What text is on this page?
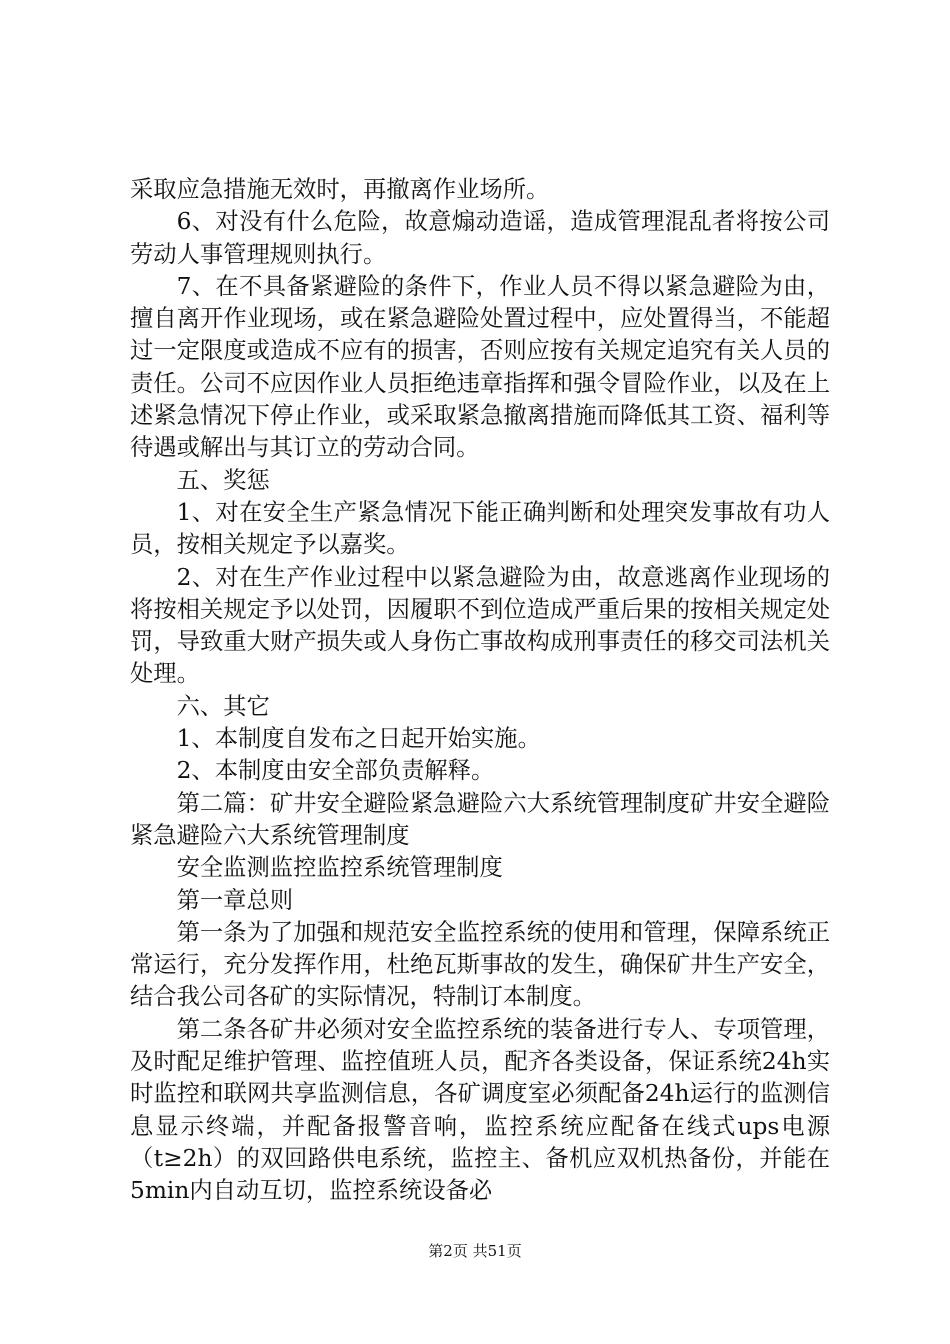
采取应急措施无效时，再撤离作业场所。

6、对没有什么危险，故意煽动造谣，造成管理混乱者将按公司劳动人事管理规则执行。

7、在不具备紧避险的条件下，作业人员不得以紧急避险为由，擅自离开作业现场，或在紧急避险处置过程中，应处置得当，不能超过一定限度或造成不应有的损害，否则应按有关规定追究有关人员的责任。公司不应因作业人员拒绝违章指挥和强令冒险作业，以及在上述紧急情况下停止作业，或采取紧急撤离措施而降低其工资、福利等待遇或解出与其订立的劳动合同。

五、奖惩

1、对在安全生产紧急情况下能正确判断和处理突发事故有功人员，按相关规定予以嘉奖。

2、对在生产作业过程中以紧急避险为由，故意逃离作业现场的将按相关规定予以处罚，因履职不到位造成严重后果的按相关规定处罚，导致重大财产损失或人身伤亡事故构成刑事责任的移交司法机关处理。

六、其它

1、本制度自发布之日起开始实施。

2、本制度由安全部负责解释。

第二篇：矿井安全避险紧急避险六大系统管理制度矿井安全避险紧急避险六大系统管理制度

安全监测监控监控系统管理制度

第一章总则

第一条为了加强和规范安全监控系统的使用和管理，保障系统正常运行，充分发挥作用，杜绝瓦斯事故的发生，确保矿井生产安全，结合我公司各矿的实际情况，特制订本制度。

第二条各矿井必须对安全监控系统的装备进行专人、专项管理，及时配足维护管理、监控值班人员，配齐各类设备，保证系统24h实时监控和联网共享监测信息，各矿调度室必须配备24h运行的监测信息显示终端，并配备报警音响，监控系统应配备在线式ups电源（t≥2h）的双回路供电系统，监控主、备机应双机热备份，并能在5min内自动互切，监控系统设备必

第2页 共51页
